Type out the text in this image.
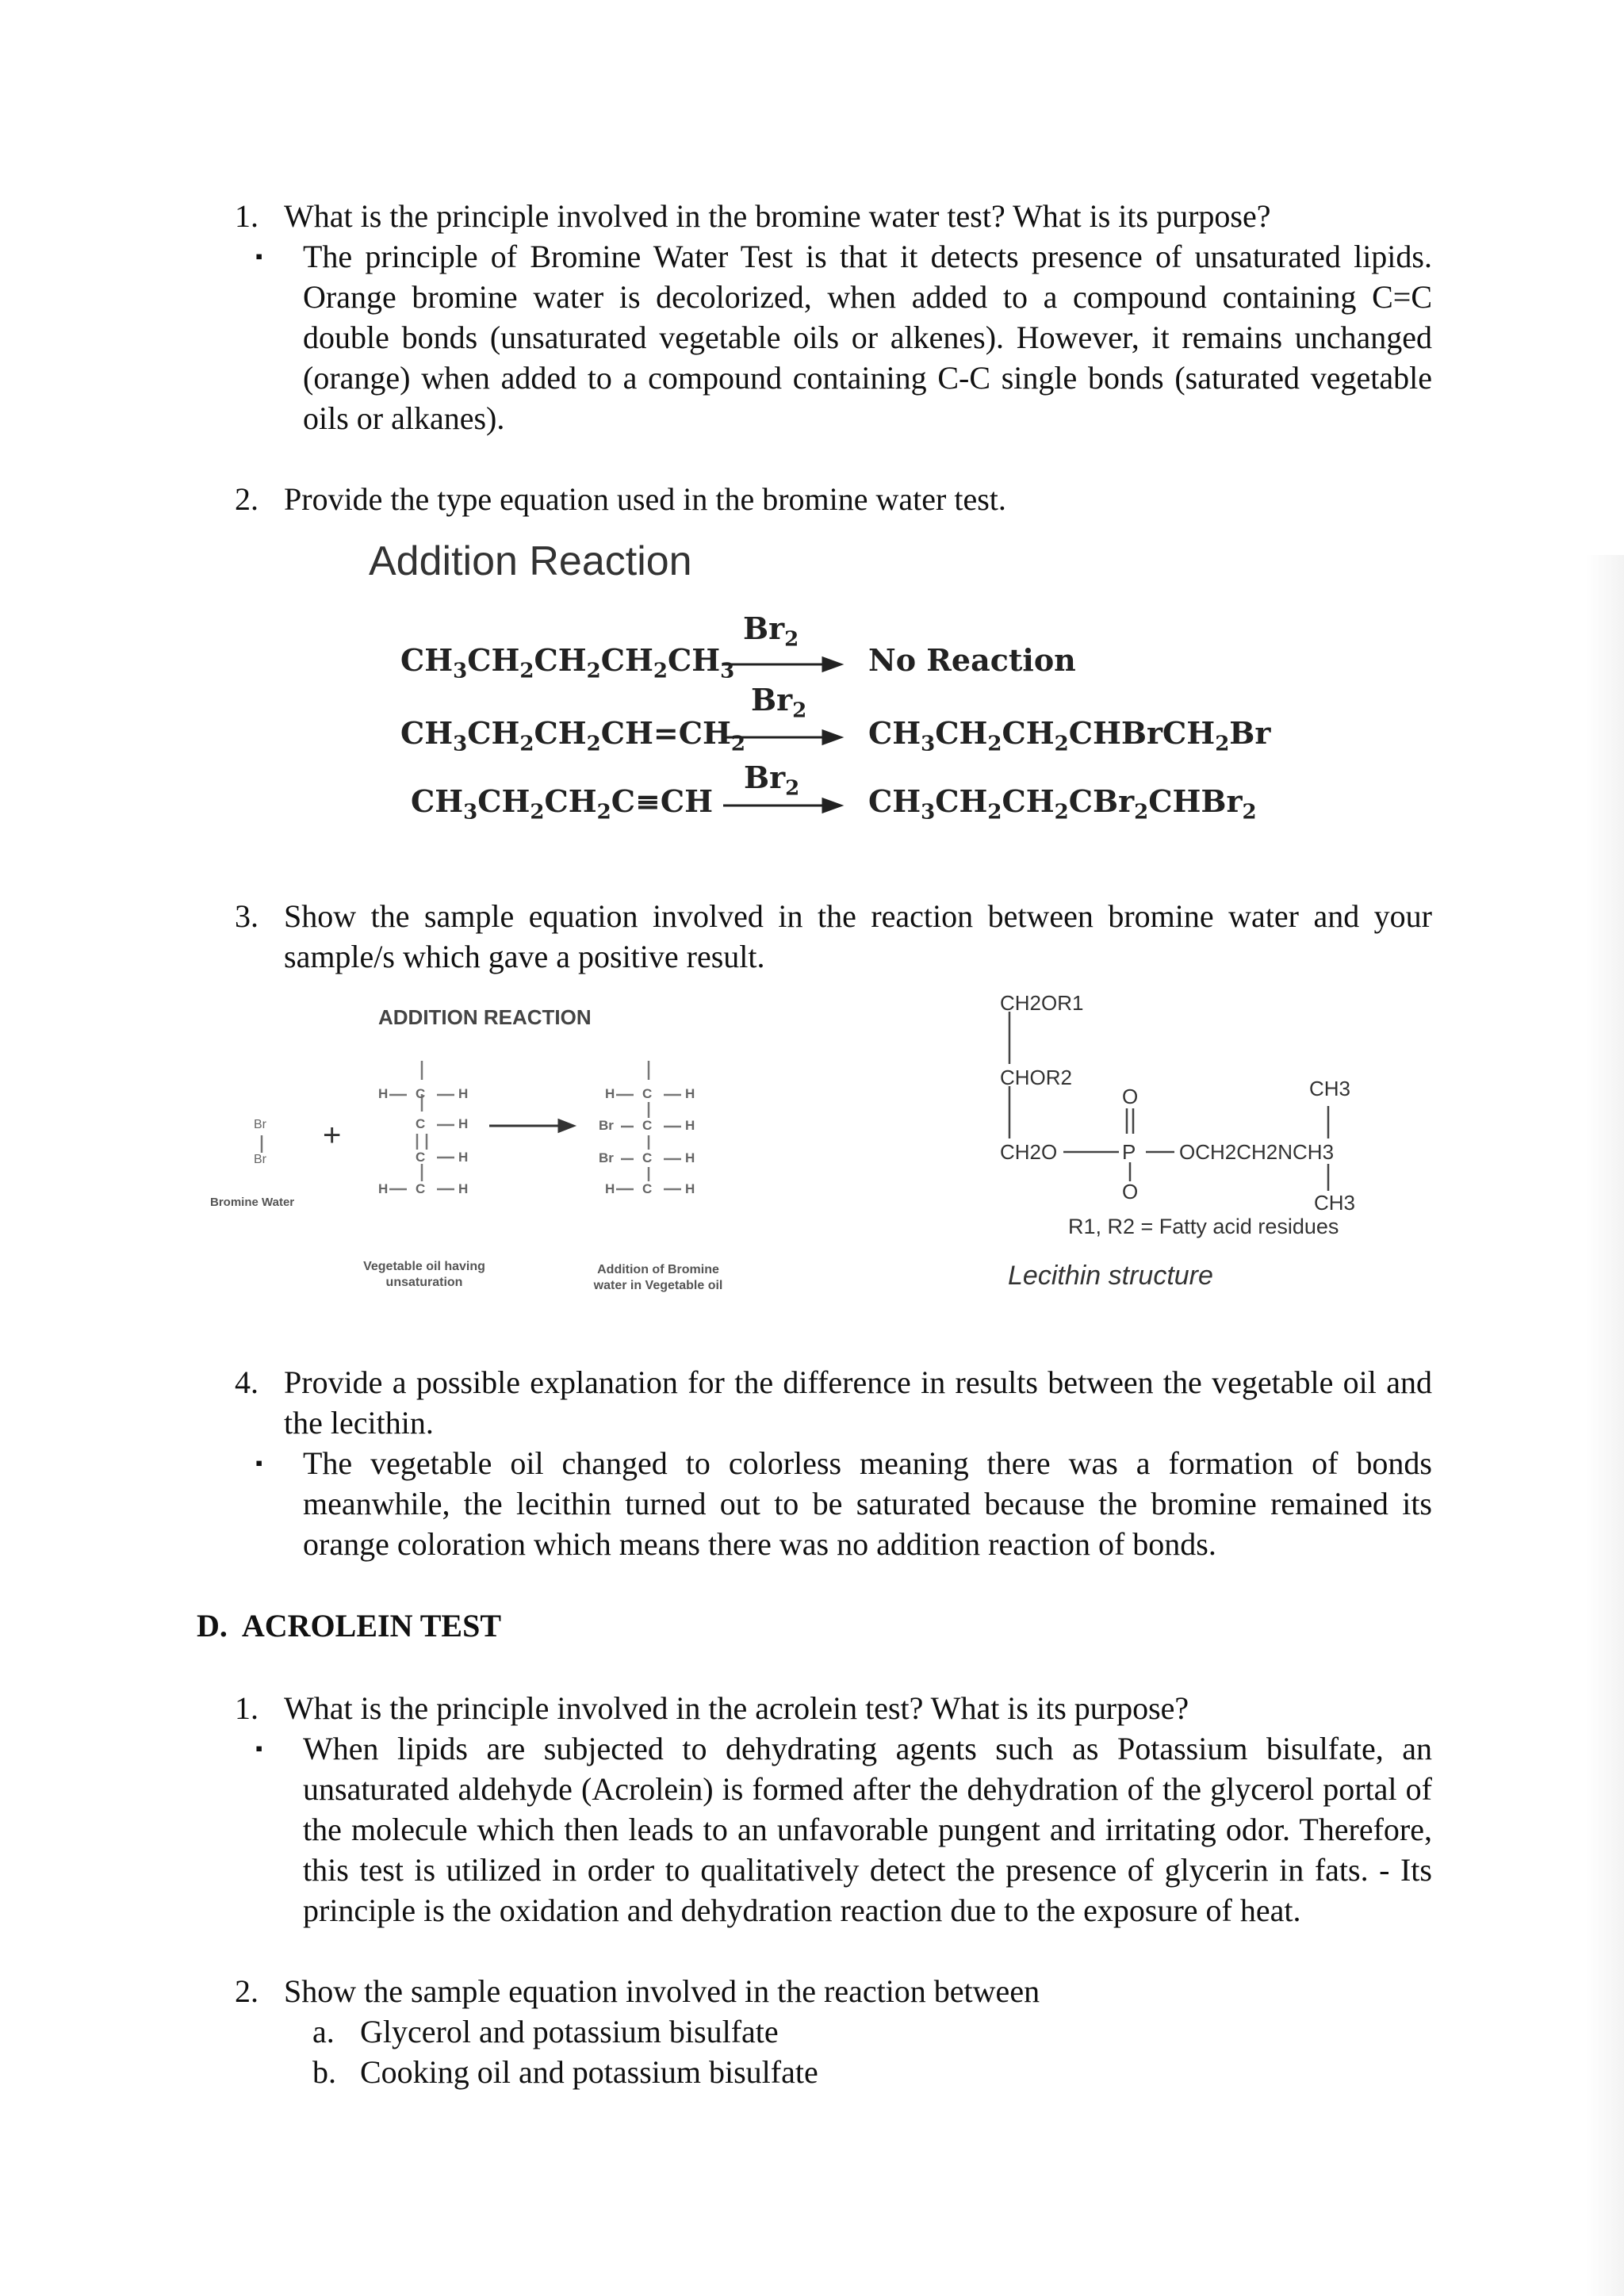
1. What is the principle involved in the bromine water test? What is its purpose?
▪	The principle of Bromine Water Test is that it detects presence of unsaturated lipids. Orange bromine water is decolorized, when added to a compound containing C=C double bonds (unsaturated vegetable oils or alkenes). However, it remains unchanged (orange) when added to a compound containing C-C single bonds (saturated vegetable oils or alkanes).
2. Provide the type equation used in the bromine water test.
Addition Reaction
$Br_2$
$Br_2$
$Br_2$
$CH_3CH_2CH_2CH_2CH_3$	No Reaction
$CH_3CH_2CH_2CH=CH_2$	$CH_3CH_2CH_2CHBrCH_2Br$
$CH_3CH_2CH_2C\equiv CH$	$CH_3CH_2CH_2CBr_2CHBr_2$
3. Show the sample equation involved in the reaction between bromine water and your sample/s which gave a positive result.
ADDITION REACTION
Br
Br
+
Bromine Water
H C H
C H
C H
H C H
H C H
Br C H
Br C H
H C H
Vegetable oil having
unsaturation
Addition of Bromine
water in Vegetable oil
CH2OR1
CHOR2
CH2O	P
O
O
OCH2CH2NCH3
CH3
CH3
R1, R2 = Fatty acid residues
Lecithin structure
4. Provide a possible explanation for the difference in results between the vegetable oil and the lecithin.
▪	The vegetable oil changed to colorless meaning there was a formation of bonds meanwhile, the lecithin turned out to be saturated because the bromine remained its orange coloration which means there was no addition reaction of bonds.
D. ACROLEIN TEST
1. What is the principle involved in the acrolein test? What is its purpose?
▪	When lipids are subjected to dehydrating agents such as Potassium bisulfate, an unsaturated aldehyde (Acrolein) is formed after the dehydration of the glycerol portal of the molecule which then leads to an unfavorable pungent and irritating odor. Therefore, this test is utilized in order to qualitatively detect the presence of glycerin in fats. - Its principle is the oxidation and dehydration reaction due to the exposure of heat.
2. Show the sample equation involved in the reaction between
a. Glycerol and potassium bisulfate
b. Cooking oil and potassium bisulfate
